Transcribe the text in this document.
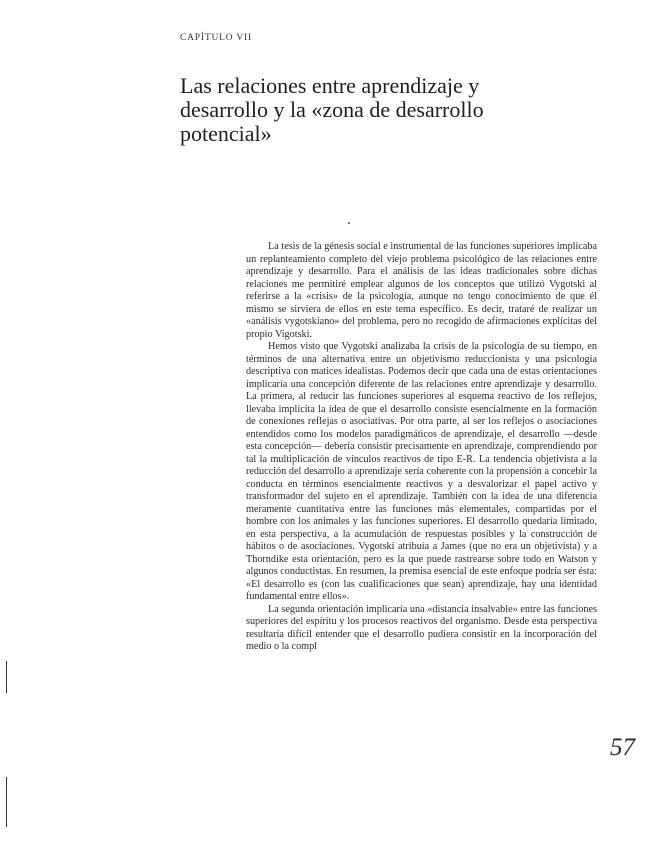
CAPÍTULO VII
Las relaciones entre aprendizaje y desarrollo y la «zona de desarrollo potencial»

La tesis de la génesis social e instrumental de las funciones superiores implicaba un replanteamiento completo del viejo problema psicológico de las relaciones entre aprendizaje y desarrollo. Para el análisis de las ideas tradicionales sobre dichas relaciones me permitiré emplear algunos de los conceptos que utilizó Vygotski al referirse a la «crisis» de la psicología, aunque no tengo conocimiento de que él mismo se sirviera de ellos en este tema específico. Es decir, trataré de realizar un «análisis vygotskiano» del problema, pero no recogido de afirmaciones explícitas del propio Vigotski.

Hemos visto que Vygotski analizaba la crisis de la psicología de su tiempo, en términos de una alternativa entre un objetivismo reduccionista y una psicología descriptiva con matices idealistas. Podemos decir que cada una de estas orientaciones implicaría una concepción diferente de las relaciones entre aprendizaje y desarrollo. La primera, al reducir las funciones superiores al esquema reactivo de los reflejos, llevaba implícita la idea de que el desarrollo consiste esencialmente en la formación de conexiones reflejas o asociativas. Por otra parte, al ser los reflejos o asociaciones entendidos como los modelos paradigmáticos de aprendizaje, el desarrollo —desde esta concepción— debería consistir precisamente en aprendizaje, comprendiendo por tal la multiplicación de vínculos reactivos de tipo E-R. La tendencia objetivista a la reducción del desarrollo a aprendizaje sería coherente con la propensión a concebir la conducta en términos esencialmente reactivos y a desvalorizar el papel activo y transformador del sujeto en el aprendizaje. También con la idea de una diferencia meramente cuantitativa entre las funciones más elementales, compartidas por el hombre con los animales y las funciones superiores. El desarrollo quedaría limitado, en esta perspectiva, a la acumulación de respuestas posibles y la construcción de hábitos o de asociaciones. Vygotski atribuía a James (que no era un objetivista) y a Thorndike esta orientación, pero es la que puede rastrearse sobre todo en Watson y algunos conductistas. En resumen, la premisa esencial de este enfoque podría ser ésta: «El desarrollo es (con las cualificaciones que sean) aprendizaje, hay una identidad fundamental entre ellos».

La segunda orientación implicaría una «distancia insalvable» entre las funciones superiores del espíritu y los procesos reactivos del organismo. Desde esta perspectiva resultaría difícil entender que el desarrollo pudiera consistir en la incorporación del medio o la compl

57
